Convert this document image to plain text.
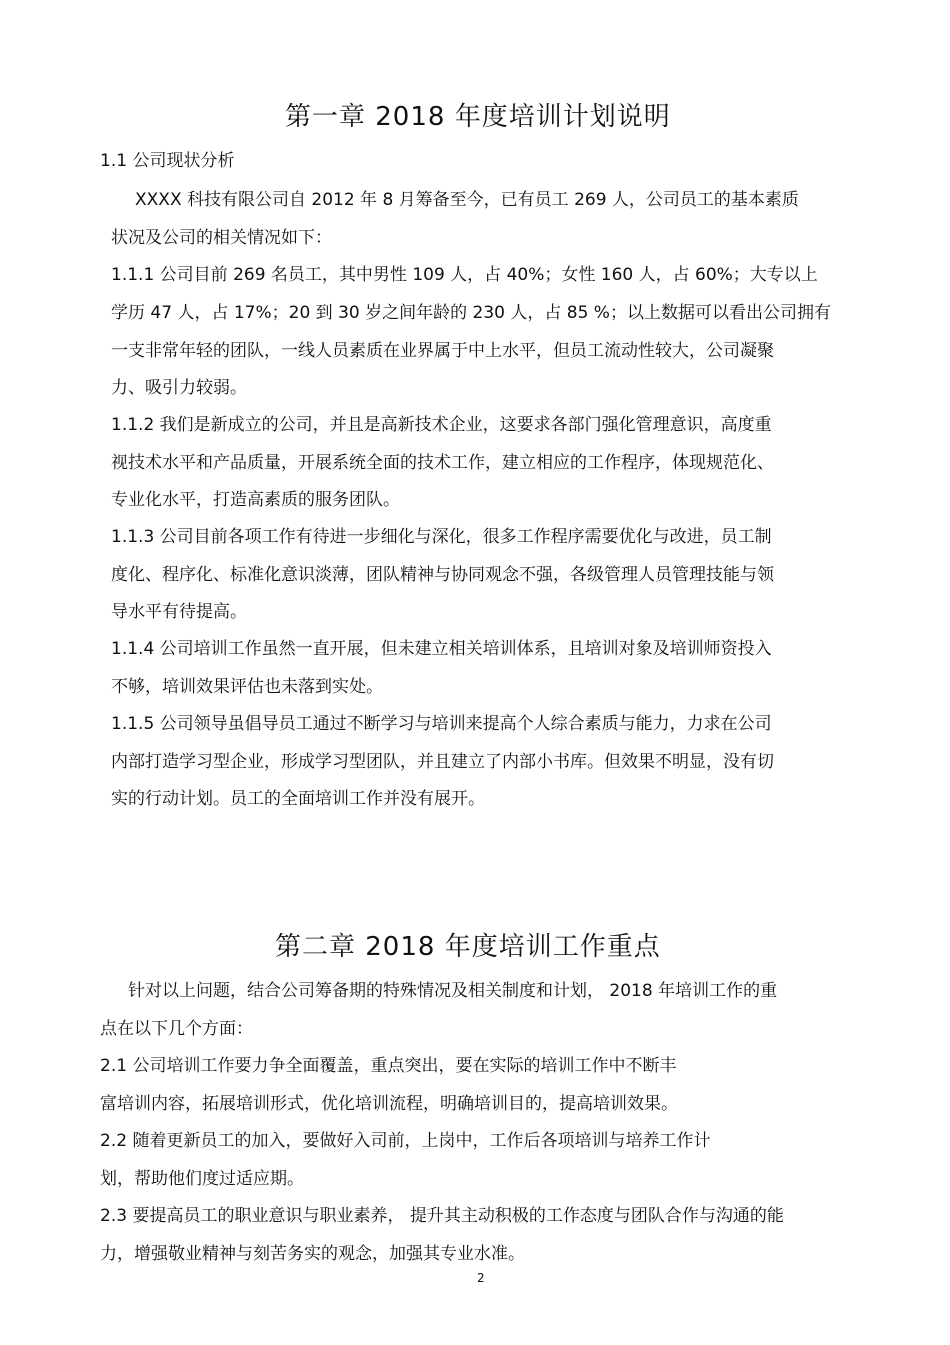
第一章 2018 年度培训计划说明
1.1 公司现状分析
XXXX 科技有限公司自 2012 年 8 月筹备至今，已有员工 269 人，公司员工的基本素质
状况及公司的相关情况如下：
1.1.1 公司目前 269 名员工，其中男性 109 人，占 40%；女性 160 人，占 60%；大专以上
学历 47 人，占 17%；20 到 30 岁之间年龄的 230 人，占 85 %；以上数据可以看出公司拥有
一支非常年轻的团队，一线人员素质在业界属于中上水平，但员工流动性较大，公司凝聚
力、吸引力较弱。
1.1.2 我们是新成立的公司，并且是高新技术企业，这要求各部门强化管理意识，高度重
视技术水平和产品质量，开展系统全面的技术工作，建立相应的工作程序，体现规范化、
专业化水平，打造高素质的服务团队。
1.1.3 公司目前各项工作有待进一步细化与深化，很多工作程序需要优化与改进，员工制
度化、程序化、标准化意识淡薄，团队精神与协同观念不强，各级管理人员管理技能与领
导水平有待提高。
1.1.4 公司培训工作虽然一直开展，但未建立相关培训体系，且培训对象及培训师资投入
不够，培训效果评估也未落到实处。
1.1.5 公司领导虽倡导员工通过不断学习与培训来提高个人综合素质与能力，力求在公司
内部打造学习型企业，形成学习型团队，并且建立了内部小书库。但效果不明显，没有切
实的行动计划。员工的全面培训工作并没有展开。
第二章 2018 年度培训工作重点
针对以上问题，结合公司筹备期的特殊情况及相关制度和计划， 2018 年培训工作的重
点在以下几个方面：
2.1 公司培训工作要力争全面覆盖，重点突出，要在实际的培训工作中不断丰
富培训内容，拓展培训形式，优化培训流程，明确培训目的，提高培训效果。
2.2 随着更新员工的加入，要做好入司前，上岗中，工作后各项培训与培养工作计
划，帮助他们度过适应期。
2.3 要提高员工的职业意识与职业素养， 提升其主动积极的工作态度与团队合作与沟通的能
力，增强敬业精神与刻苦务实的观念，加强其专业水准。
2
